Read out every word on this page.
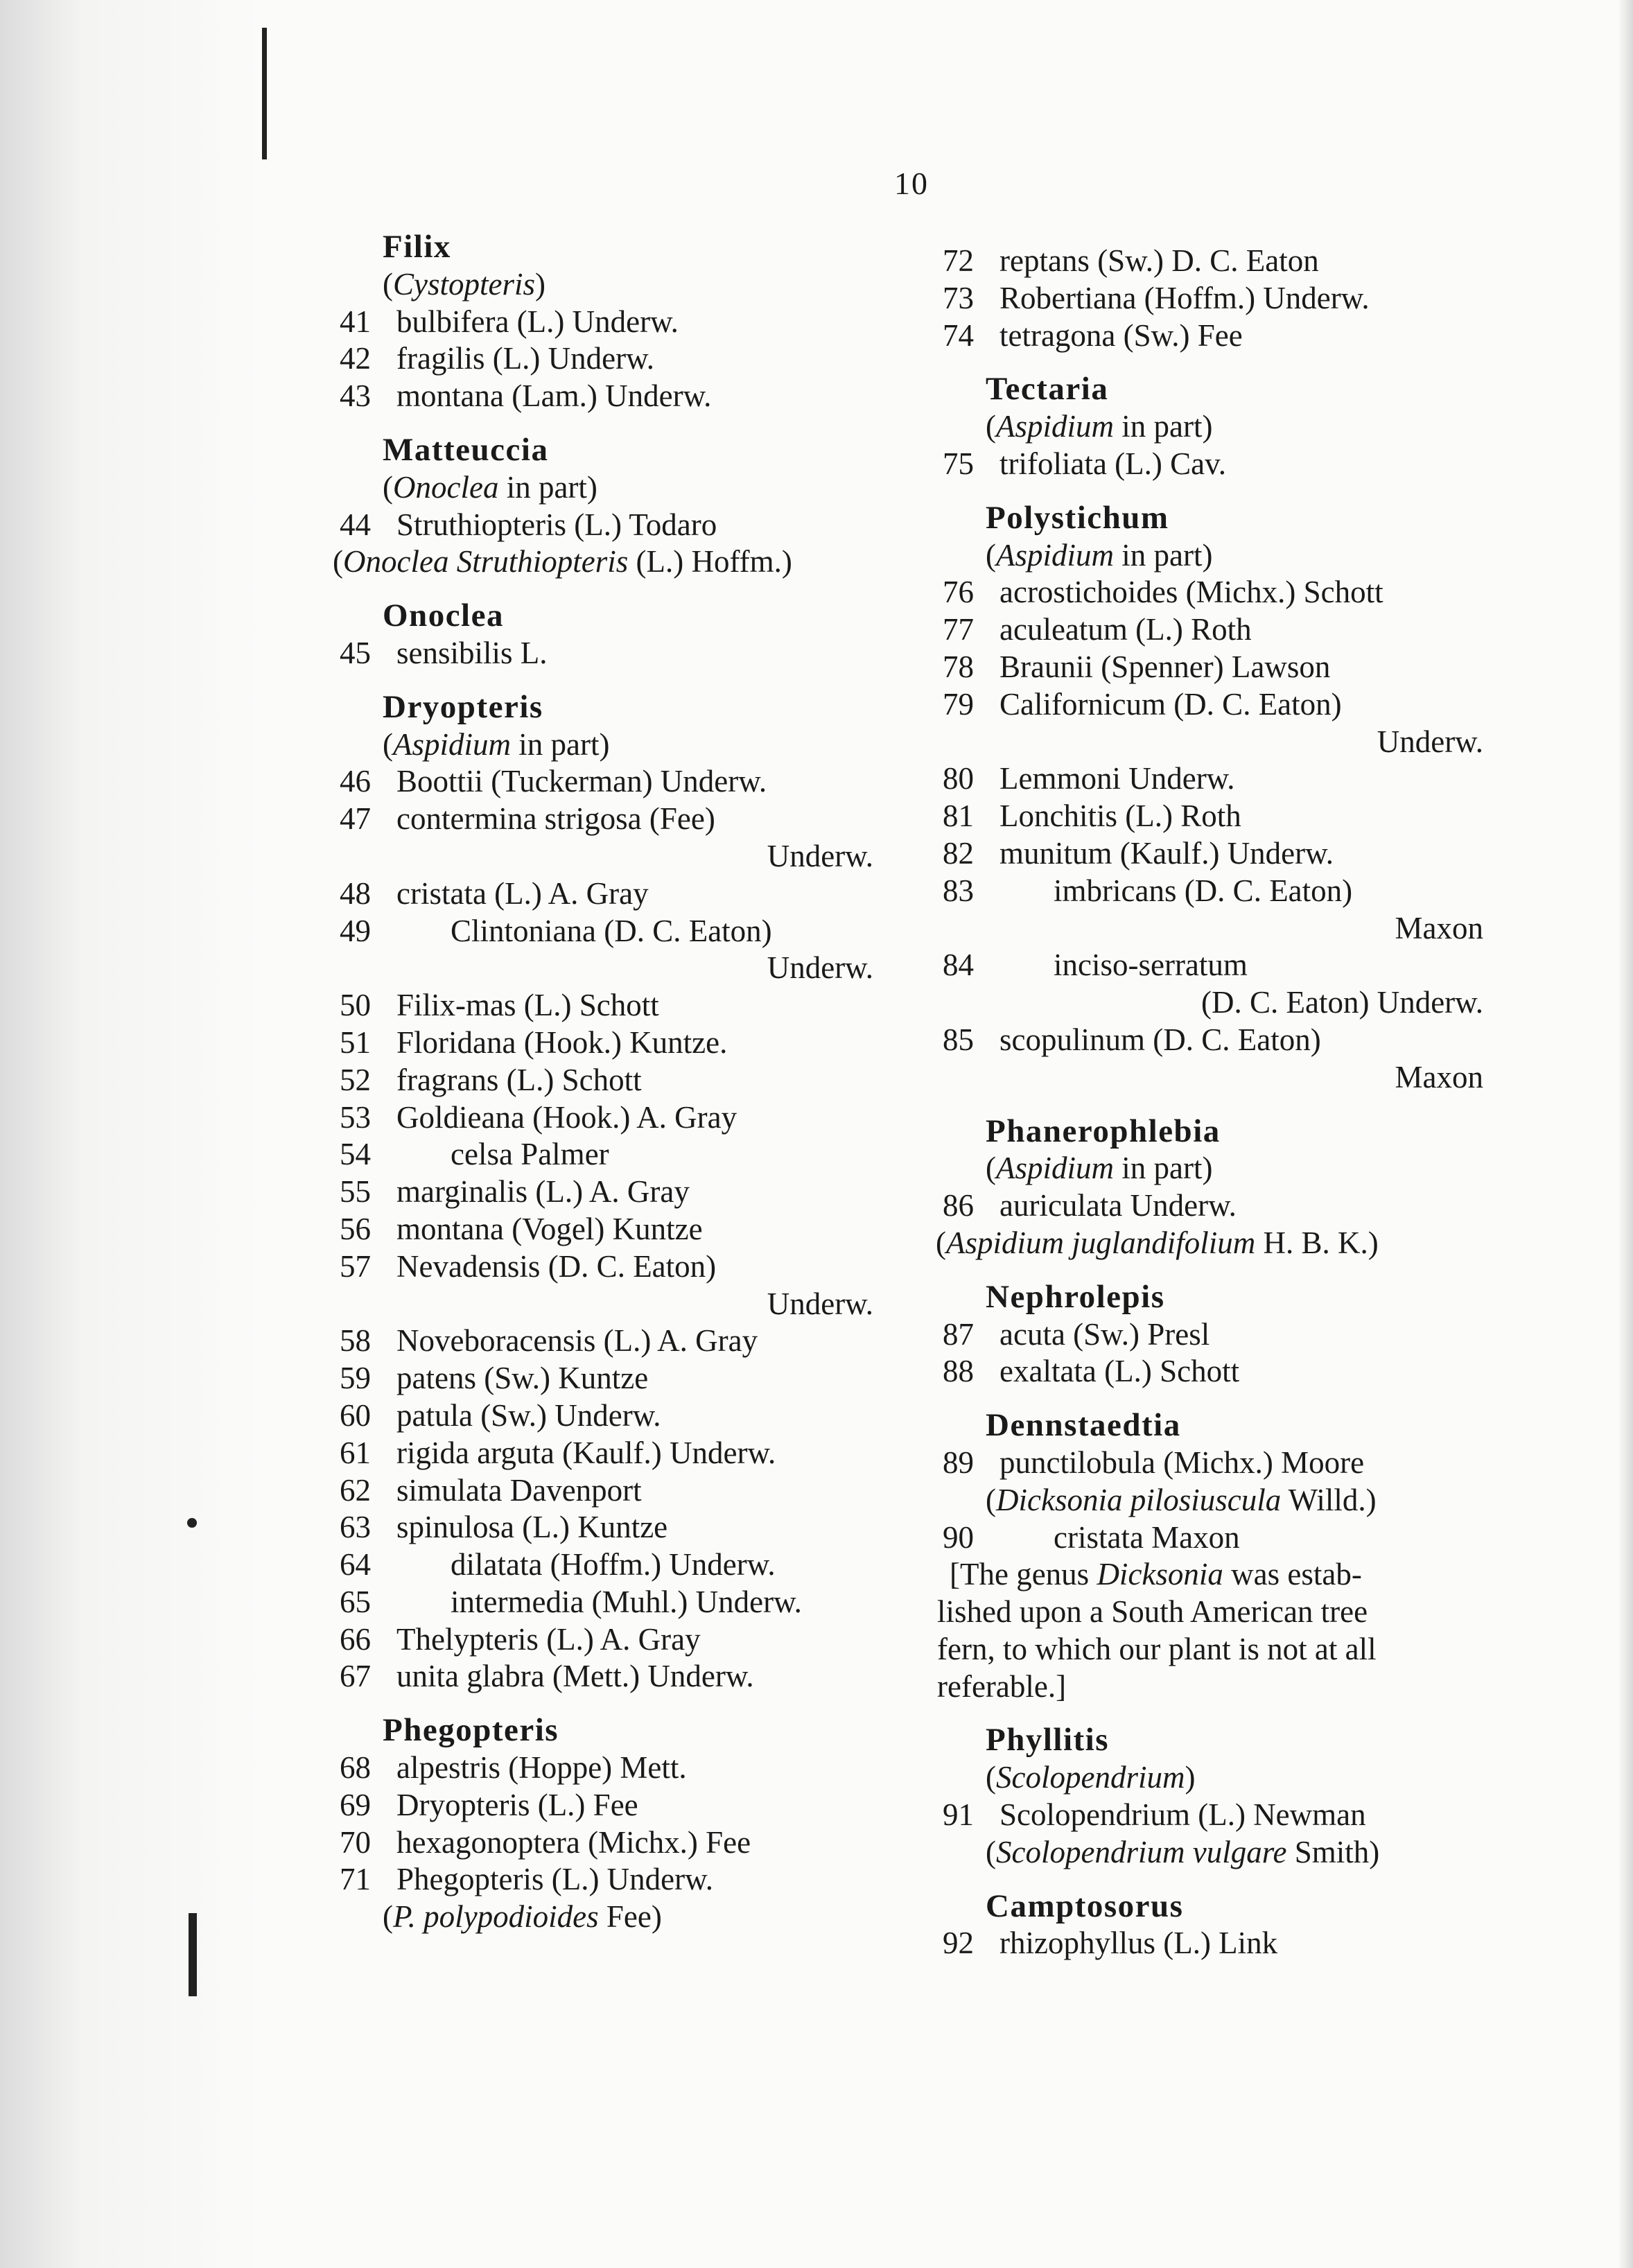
10
Filix
(Cystopteris)
41 bulbifera (L.) Underw.
42 fragilis (L.) Underw.
43 montana (Lam.) Underw.
Matteuccia
(Onoclea in part)
44 Struthiopteris (L.) Todaro
(Onoclea Struthiopteris (L.) Hoffm.)
Onoclea
45 sensibilis L.
Dryopteris
(Aspidium in part)
46 Boottii (Tuckerman) Underw.
47 contermina strigosa (Fee)
Underw.
48 cristata (L.) A. Gray
49	Clintoniana (D. C. Eaton)
Underw.
50 Filix-mas (L.) Schott
51 Floridana (Hook.) Kuntze.
52 fragrans (L.) Schott
53 Goldieana (Hook.) A. Gray
54	celsa Palmer
55 marginalis (L.) A. Gray
56 montana (Vogel) Kuntze
57 Nevadensis (D. C. Eaton)
Underw.
58 Noveboracensis (L.) A. Gray
59 patens (Sw.) Kuntze
60 patula (Sw.) Underw.
61 rigida arguta (Kaulf.) Underw.
62 simulata Davenport
63 spinulosa (L.) Kuntze
64	dilatata (Hoffm.) Underw.
65	intermedia (Muhl.) Underw.
66 Thelypteris (L.) A. Gray
67 unita glabra (Mett.) Underw.
Phegopteris
68 alpestris (Hoppe) Mett.
69 Dryopteris (L.) Fee
70 hexagonoptera (Michx.) Fee
71 Phegopteris (L.) Underw.
(P. polypodioides Fee)
72 reptans (Sw.) D. C. Eaton
73 Robertiana (Hoffm.) Underw.
74 tetragona (Sw.) Fee
Tectaria
(Aspidium in part)
75 trifoliata (L.) Cav.
Polystichum
(Aspidium in part)
76 acrostichoides (Michx.) Schott
77 aculeatum (L.) Roth
78 Braunii (Spenner) Lawson
79 Californicum (D. C. Eaton)
Underw.
80 Lemmoni Underw.
81 Lonchitis (L.) Roth
82 munitum (Kaulf.) Underw.
83	imbricans (D. C. Eaton)
Maxon
84	inciso-serratum
(D. C. Eaton) Underw.
85 scopulinum (D. C. Eaton)
Maxon
Phanerophlebia
(Aspidium in part)
86 auriculata Underw.
(Aspidium juglandifolium H. B. K.)
Nephrolepis
87 acuta (Sw.) Presl
88 exaltata (L.) Schott
Dennstaedtia
89 punctilobula (Michx.) Moore
(Dicksonia pilosiuscula Willd.)
90	cristata Maxon
[The genus Dicksonia was estab-
lished upon a South American tree
fern, to which our plant is not at all
referable.]
Phyllitis
(Scolopendrium)
91 Scolopendrium (L.) Newman
(Scolopendrium vulgare Smith)
Camptosorus
92 rhizophyllus (L.) Link
